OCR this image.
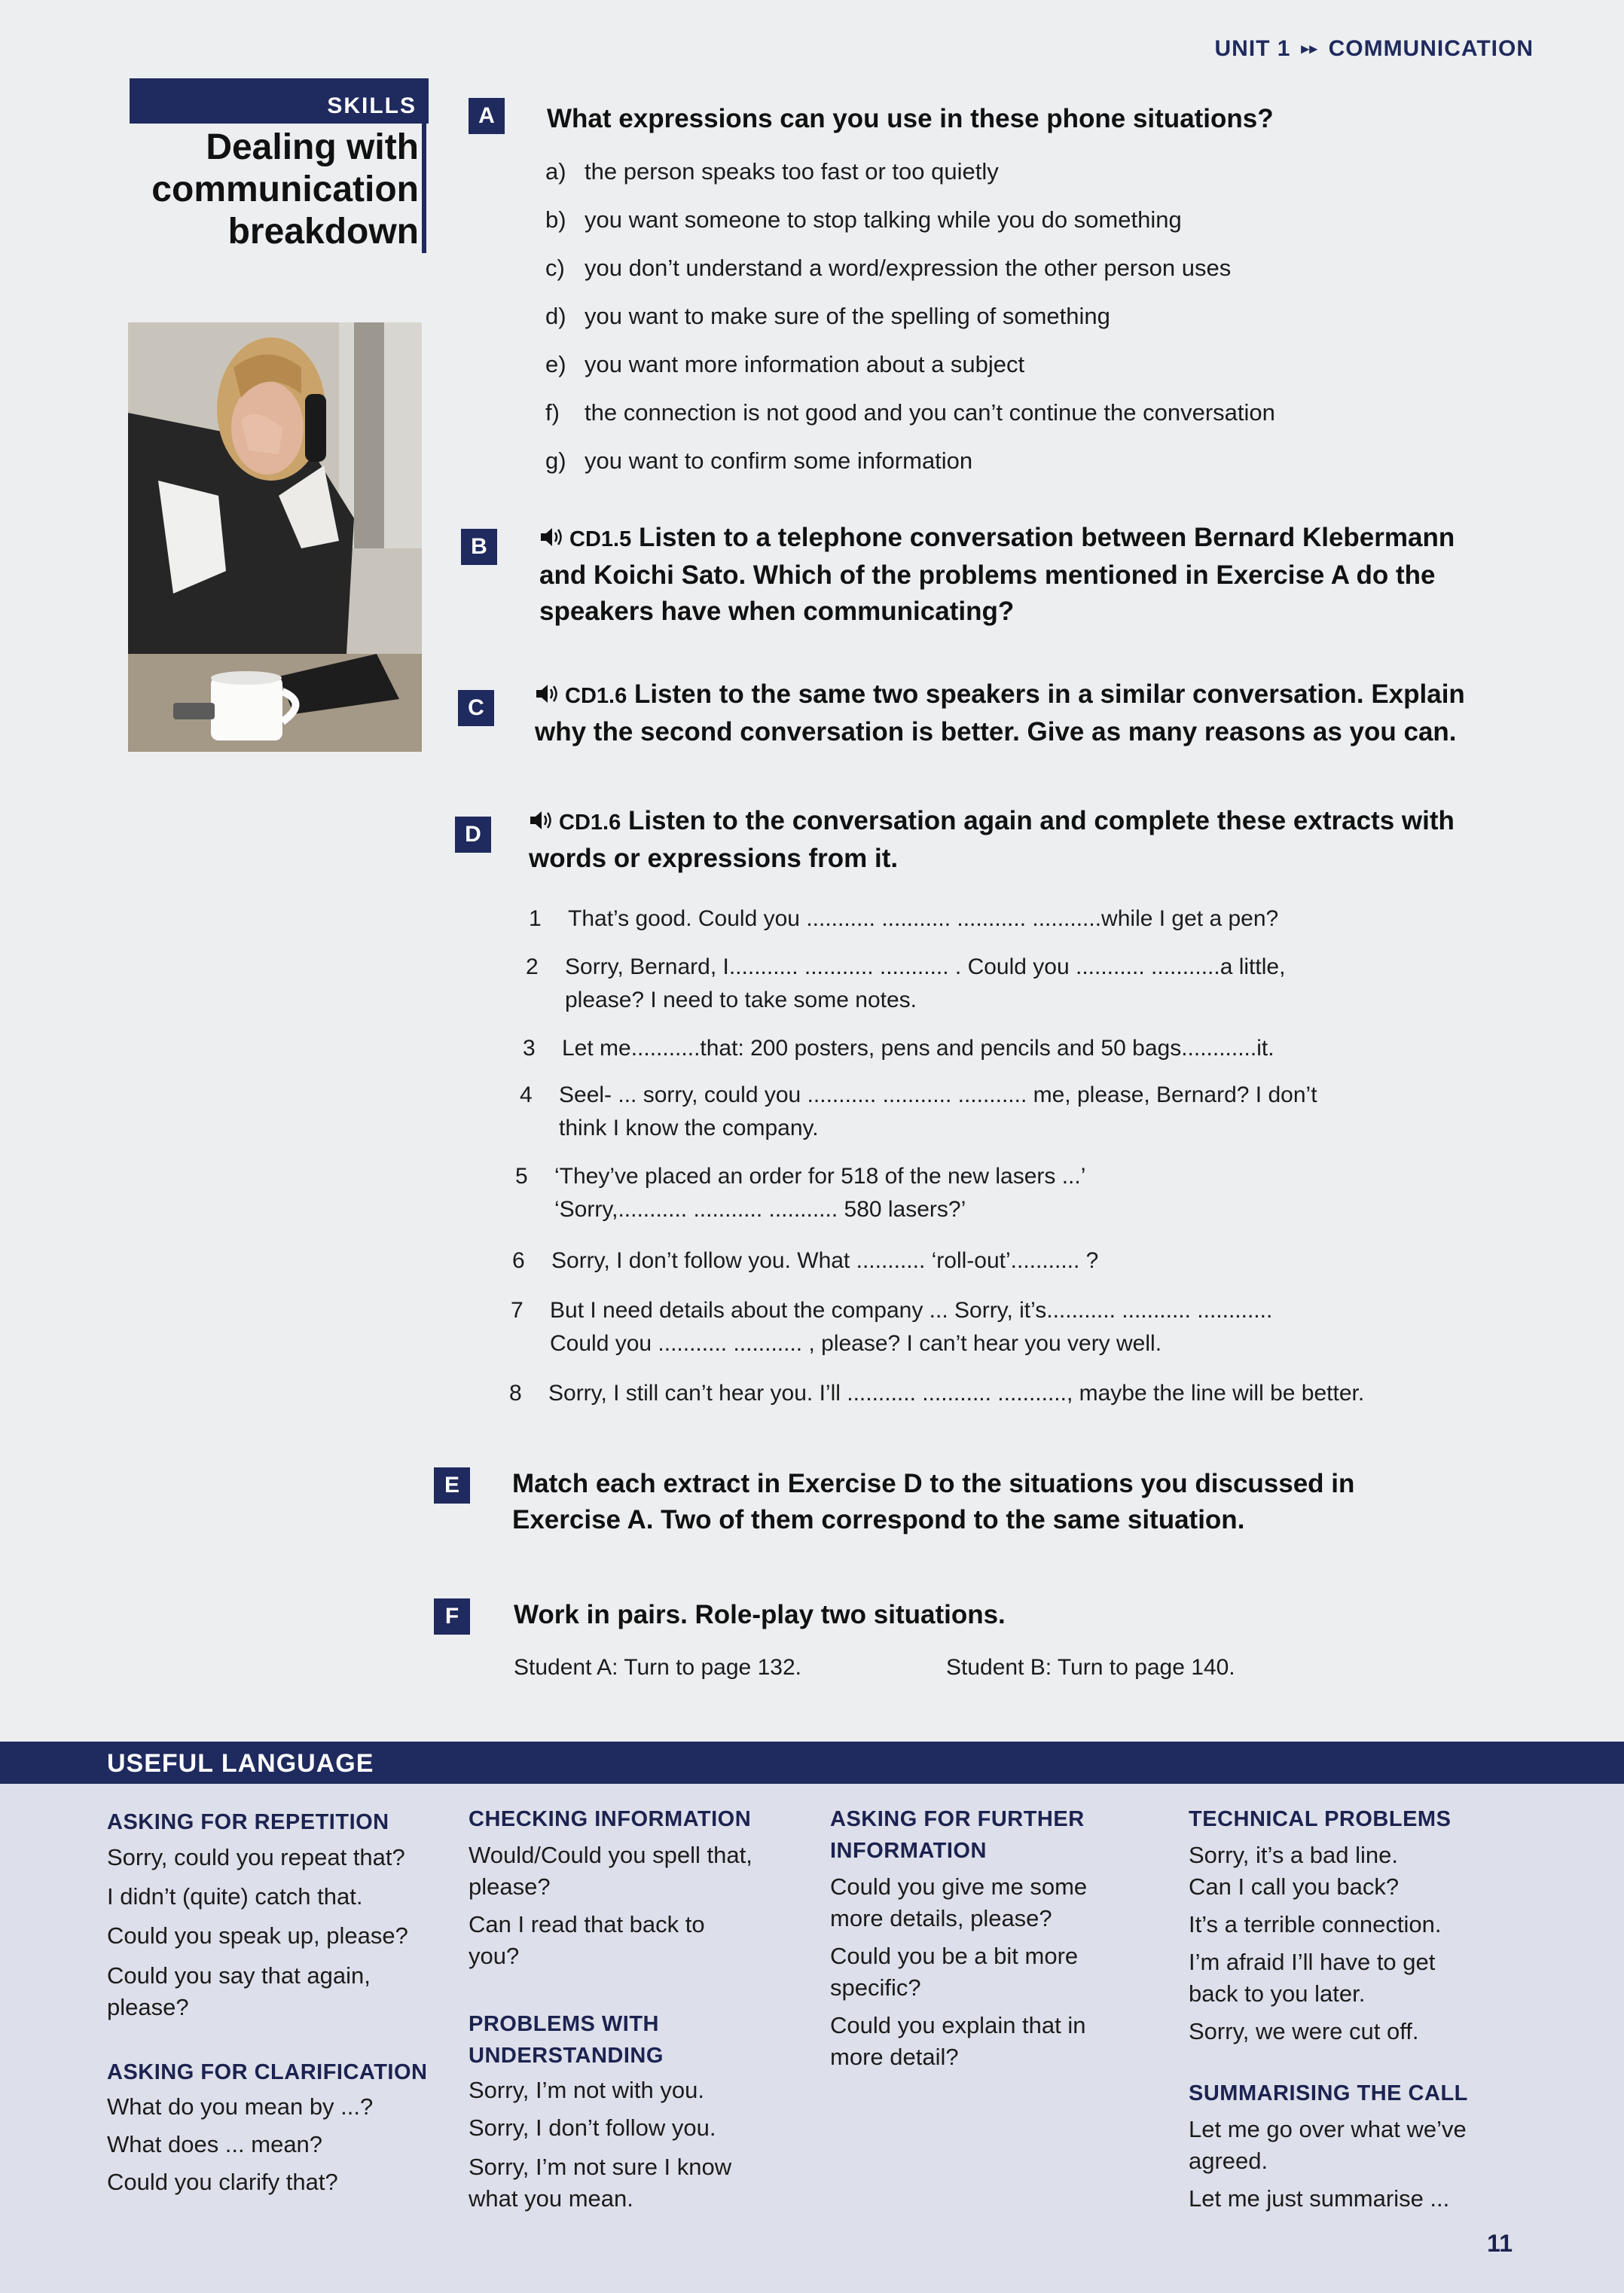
UNIT 1 ▸▸ COMMUNICATION
SKILLS
Dealing with
communication
breakdown
A	What expressions can you use in these phone situations?
a) the person speaks too fast or too quietly
b) you want someone to stop talking while you do something
c) you don’t understand a word/expression the other person uses
d) you want to make sure of the spelling of something
e) you want more information about a subject
f) the connection is not good and you can’t continue the conversation
g) you want to confirm some information
B	CD1.5 Listen to a telephone conversation between Bernard Klebermann
and Koichi Sato. Which of the problems mentioned in Exercise A do the
speakers have when communicating?
C	CD1.6 Listen to the same two speakers in a similar conversation. Explain
why the second conversation is better. Give as many reasons as you can.
D	CD1.6 Listen to the conversation again and complete these extracts with
words or expressions from it.
1 That’s good. Could you ........... ........... ........... ...........while I get a pen?
2 Sorry, Bernard, I........... ........... ........... . Could you ........... ...........a little,
please? I need to take some notes.
3 Let me...........that: 200 posters, pens and pencils and 50 bags............it.
4 Seel- ... sorry, could you ........... ........... ........... me, please, Bernard? I don’t
think I know the company.
5 ‘They’ve placed an order for 518 of the new lasers ...’
‘Sorry,........... ........... ........... 580 lasers?’
6 Sorry, I don’t follow you. What ........... ‘roll-out’........... ?
7 But I need details about the company ... Sorry, it’s........... ........... ............
Could you ........... ........... , please? I can’t hear you very well.
8 Sorry, I still can’t hear you. I’ll ........... ........... ..........., maybe the line will be better.
E	Match each extract in Exercise D to the situations you discussed in
Exercise A. Two of them correspond to the same situation.
F	Work in pairs. Role-play two situations.
Student A: Turn to page 132.	Student B: Turn to page 140.
USEFUL LANGUAGE
ASKING FOR REPETITION
Sorry, could you repeat that?
I didn’t (quite) catch that.
Could you speak up, please?
Could you say that again,
please?
ASKING FOR CLARIFICATION
What do you mean by ...?
What does ... mean?
Could you clarify that?
CHECKING INFORMATION
Would/Could you spell that,
please?
Can I read that back to
you?
PROBLEMS WITH
UNDERSTANDING
Sorry, I’m not with you.
Sorry, I don’t follow you.
Sorry, I’m not sure I know
what you mean.
ASKING FOR FURTHER
INFORMATION
Could you give me some
more details, please?
Could you be a bit more
specific?
Could you explain that in
more detail?
TECHNICAL PROBLEMS
Sorry, it’s a bad line.
Can I call you back?
It’s a terrible connection.
I’m afraid I’ll have to get
back to you later.
Sorry, we were cut off.
SUMMARISING THE CALL
Let me go over what we’ve
agreed.
Let me just summarise ...
11
